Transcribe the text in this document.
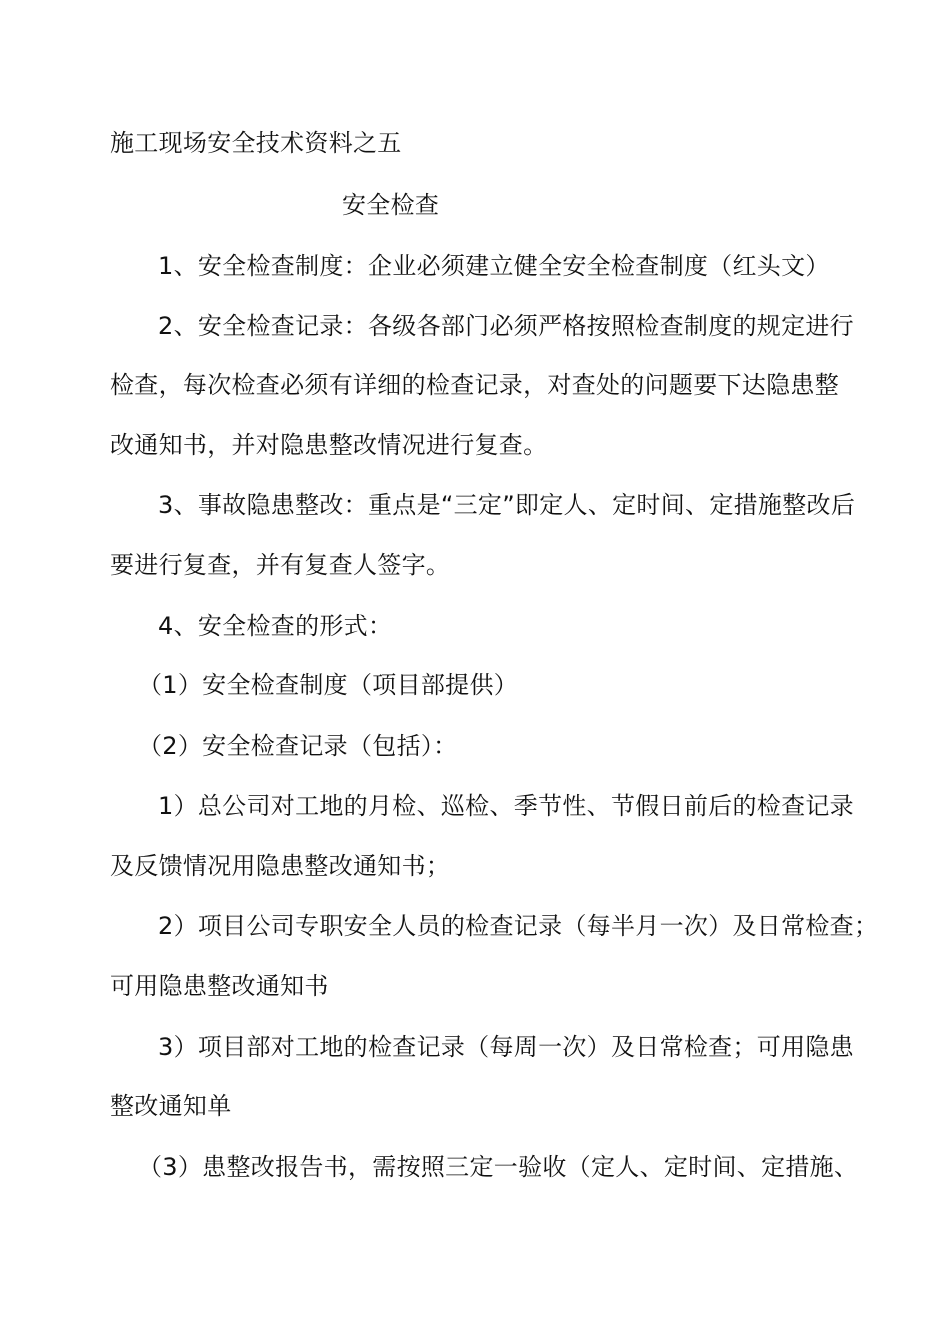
施工现场安全技术资料之五
安全检查
1、安全检查制度：企业必须建立健全安全检查制度（红头文）
2、安全检查记录：各级各部门必须严格按照检查制度的规定进行
检查，每次检查必须有详细的检查记录，对查处的问题要下达隐患整
改通知书，并对隐患整改情况进行复查。
3、事故隐患整改：重点是“三定”即定人、定时间、定措施整改后
要进行复查，并有复查人签字。
4、安全检查的形式：
（1）安全检查制度（项目部提供）
（2）安全检查记录（包括）：
1）总公司对工地的月检、巡检、季节性、节假日前后的检查记录
及反馈情况用隐患整改通知书；
2）项目公司专职安全人员的检查记录（每半月一次）及日常检查；
可用隐患整改通知书
3）项目部对工地的检查记录（每周一次）及日常检查；可用隐患
整改通知单
（3）患整改报告书，需按照三定一验收（定人、定时间、定措施、
